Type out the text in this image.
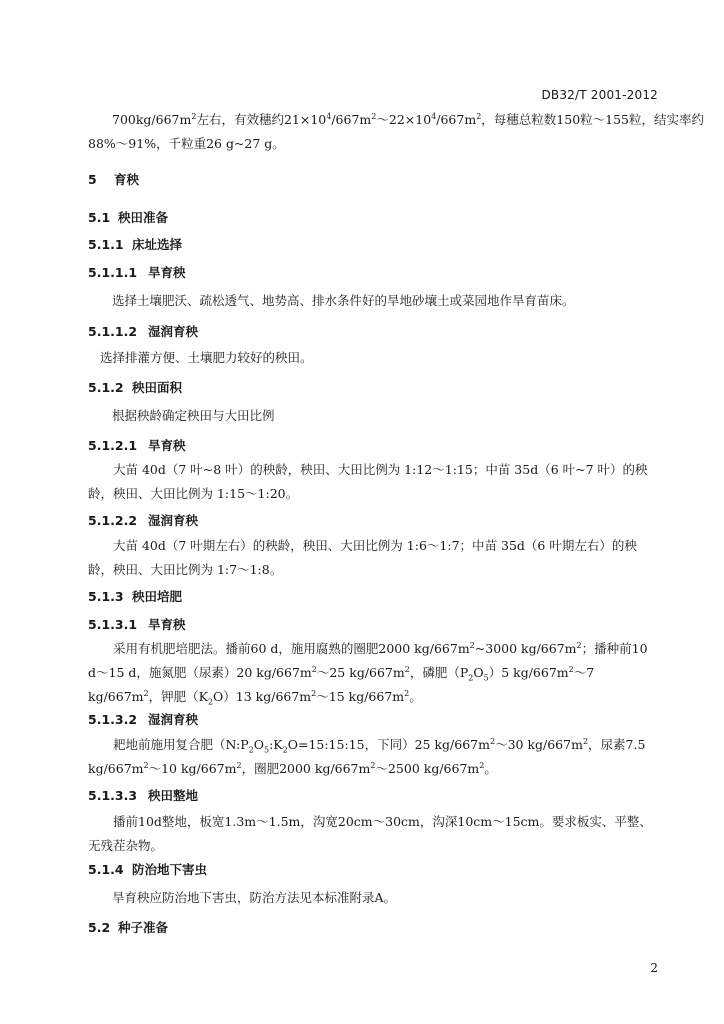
DB32/T 2001-2012
$700kg/667m^2$左右，有效穗约$21\times 10^4/667m^2\sim 22\times 10^4/667m^2$，每穗总粒数150粒～155粒，结实率约
88%～91%，千粒重26 g~27 g。
5 育秧
5.1 秧田准备
5.1.1 床址选择
5.1.1.1 旱育秧
选择土壤肥沃、疏松透气、地势高、排水条件好的旱地砂壤土或菜园地作旱育苗床。
5.1.1.2 湿润育秧
选择排灌方便、土壤肥力较好的秧田。
5.1.2 秧田面积
根据秧龄确定秧田与大田比例
5.1.2.1 旱育秧
大苗 40d（7 叶~8 叶）的秧龄，秧田、大田比例为 1:12～1:15；中苗 35d（6 叶~7 叶）的秧龄，秧田、大田比例为 1:15～1:20。
5.1.2.2 湿润育秧
大苗 40d（7 叶期左右）的秧龄，秧田、大田比例为 1:6～1:7；中苗 35d（6 叶期左右）的秧龄，秧田、大田比例为 1:7～1:8。
5.1.3 秧田培肥
5.1.3.1 旱育秧
采用有机肥培肥法。播前60 d，施用腐熟的圈肥2000 $kg/667m^2\sim 3000$ $kg/667m^2$；播种前10 d～15 d，施氮肥（尿素）20 $kg/667m^2\sim 25$ $kg/667m^2$，磷肥$(P_2O_5)5$ $kg/667m^2\sim 7$ $kg/667m^2$，钾肥$(K_2O)13$ $kg/667m^2\sim 15$ $kg/667m^2$。
5.1.3.2 湿润育秧
耙地前施用复合肥（$N:P_2O_5:K_2O=15:15:15$，下同）25 $kg/667m^2\sim 30$ $kg/667m^2$，尿素7.5 $kg/667m^2\sim 10$ $kg/667m^2$，圈肥2000 $kg/667m^2\sim 2500$ $kg/667m^2$。
5.1.3.3 秧田整地
播前10d整地，板宽1.3m～1.5m，沟宽20cm～30cm，沟深10cm～15cm。要求板实、平整、无残茬杂物。
5.1.4 防治地下害虫
旱育秧应防治地下害虫，防治方法见本标准附录A。
5.2 种子准备
2
